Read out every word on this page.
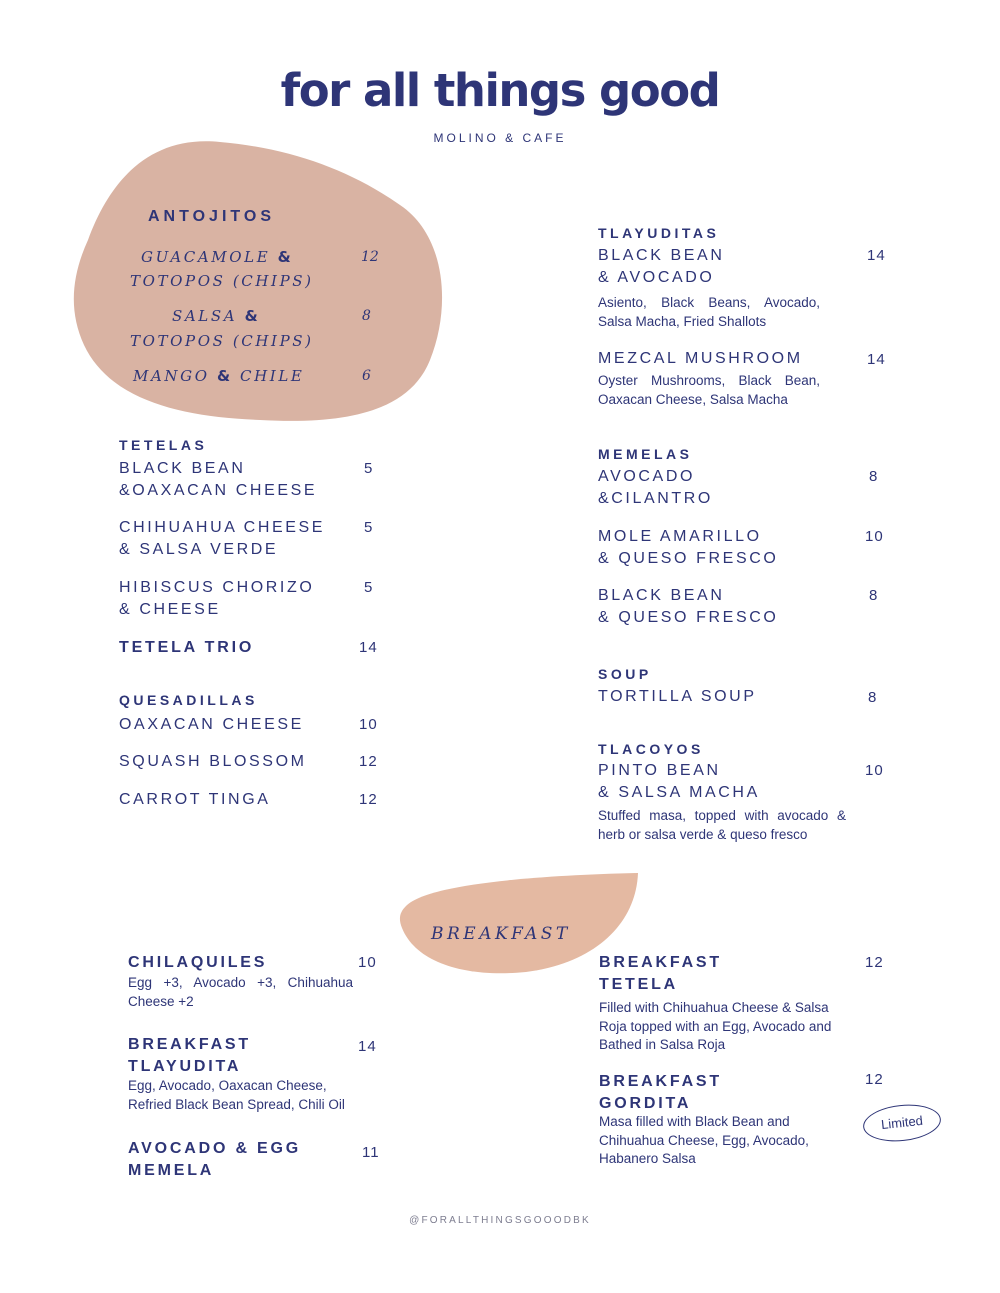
for all things good
MOLINO & CAFE
ANTOJITOS
GUACAMOLE &
TOTOPOS (CHIPS)
12
SALSA &
TOTOPOS (CHIPS)
8
MANGO & CHILE	6
TETELAS
BLACK BEAN
&OAXACAN CHEESE
5
CHIHUAHUA CHEESE
& SALSA VERDE
5
HIBISCUS CHORIZO
& CHEESE
5
TETELA TRIO	14
QUESADILLAS
OAXACAN CHEESE	10
SQUASH BLOSSOM	12
CARROT TINGA	12
TLAYUDITAS
BLACK BEAN
& AVOCADO
14
Asiento, Black Beans, Avocado, Salsa Macha, Fried Shallots
MEZCAL MUSHROOM	14
Oyster Mushrooms, Black Bean, Oaxacan Cheese, Salsa Macha
MEMELAS
AVOCADO
&CILANTRO
8
MOLE AMARILLO
& QUESO FRESCO
10
BLACK BEAN
& QUESO FRESCO
8
SOUP
TORTILLA SOUP	8
TLACOYOS
PINTO BEAN
& SALSA MACHA
10
Stuffed masa, topped with avocado & herb or salsa verde & queso fresco
BREAKFAST
CHILAQUILES	10
Egg +3, Avocado +3, Chihuahua Cheese +2
BREAKFAST
TLAYUDITA
14
Egg, Avocado, Oaxacan Cheese, Refried Black Bean Spread, Chili Oil
AVOCADO & EGG
MEMELA
11
BREAKFAST
TETELA
12
Filled with Chihuahua Cheese & Salsa Roja topped with an Egg, Avocado and Bathed in Salsa Roja
BREAKFAST
GORDITA
12
Masa filled with Black Bean and Chihuahua Cheese, Egg, Avocado, Habanero Salsa
Limited
@FORALLTHINGSGOOODBK
